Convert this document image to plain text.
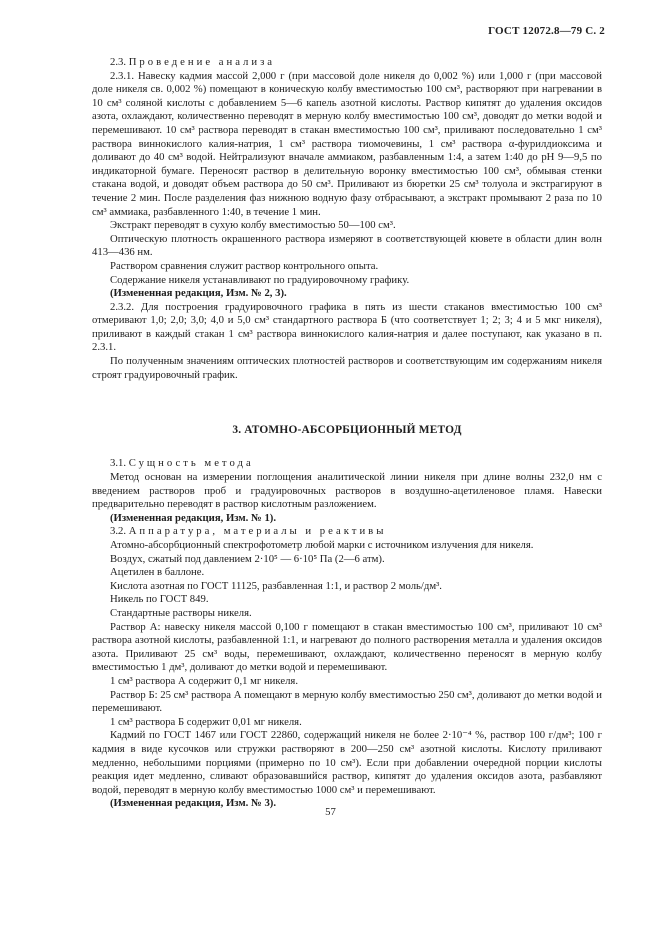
ГОСТ 12072.8—79 С. 2

2.3. Проведение анализа

2.3.1. Навеску кадмия массой 2,000 г (при массовой доле никеля до 0,002 %) или 1,000 г (при массовой доле никеля св. 0,002 %) помещают в коническую колбу вместимостью 100 см³, растворяют при нагревании в 10 см³ соляной кислоты с добавлением 5—6 капель азотной кислоты. Раствор кипятят до удаления оксидов азота, охлаждают, количественно переводят в мерную колбу вместимостью 100 см³, доводят до метки водой и перемешивают. 10 см³ раствора переводят в стакан вместимостью 100 см³, приливают последовательно 1 см³ раствора виннокислого калия-натрия, 1 см³ раствора тиомочевины, 1 см³ раствора α-фурилдиоксима и доливают до 40 см³ водой. Нейтрализуют вначале аммиаком, разбавленным 1:4, а затем 1:40 до рН 9—9,5 по индикаторной бумаге. Переносят раствор в делительную воронку вместимостью 100 см³, обмывая стенки стакана водой, и доводят объем раствора до 50 см³. Приливают из бюретки 25 см³ толуола и экстрагируют в течение 2 мин. После разделения фаз нижнюю водную фазу отбрасывают, а экстракт промывают 2 раза по 10 см³ аммиака, разбавленного 1:40, в течение 1 мин.

Экстракт переводят в сухую колбу вместимостью 50—100 см³.

Оптическую плотность окрашенного раствора измеряют в соответствующей кювете в области длин волн 413—436 нм.

Раствором сравнения служит раствор контрольного опыта.

Содержание никеля устанавливают по градуировочному графику.

(Измененная редакция, Изм. № 2, 3).

2.3.2. Для построения градуировочного графика в пять из шести стаканов вместимостью 100 см³ отмеривают 1,0; 2,0; 3,0; 4,0 и 5,0 см³ стандартного раствора Б (что соответствует 1; 2; 3; 4 и 5 мкг никеля), приливают в каждый стакан 1 см³ раствора виннокислого калия-натрия и далее поступают, как указано в п. 2.3.1.

По полученным значениям оптических плотностей растворов и соответствующим им содержаниям никеля строят градуировочный график.

3. АТОМНО-АБСОРБЦИОННЫЙ МЕТОД

3.1. Сущность метода

Метод основан на измерении поглощения аналитической линии никеля при длине волны 232,0 нм с введением растворов проб и градуировочных растворов в воздушно-ацетиленовое пламя. Навески предварительно переводят в раствор кислотным разложением.

(Измененная редакция, Изм. № 1).

3.2. Аппаратура, материалы и реактивы

Атомно-абсорбционный спектрофотометр любой марки с источником излучения для никеля.

Воздух, сжатый под давлением 2·10⁵ — 6·10⁵ Па (2—6 атм).

Ацетилен в баллоне.

Кислота азотная по ГОСТ 11125, разбавленная 1:1, и раствор 2 моль/дм³.

Никель по ГОСТ 849.

Стандартные растворы никеля.

Раствор А: навеску никеля массой 0,100 г помещают в стакан вместимостью 100 см³, приливают 10 см³ раствора азотной кислоты, разбавленной 1:1, и нагревают до полного растворения металла и удаления оксидов азота. Приливают 25 см³ воды, перемешивают, охлаждают, количественно переносят в мерную колбу вместимостью 1 дм³, доливают до метки водой и перемешивают.

1 см³ раствора А содержит 0,1 мг никеля.

Раствор Б: 25 см³ раствора А помещают в мерную колбу вместимостью 250 см³, доливают до метки водой и перемешивают.

1 см³ раствора Б содержит 0,01 мг никеля.

Кадмий по ГОСТ 1467 или ГОСТ 22860, содержащий никеля не более 2·10⁻⁴ %, раствор 100 г/дм³; 100 г кадмия в виде кусочков или стружки растворяют в 200—250 см³ азотной кислоты. Кислоту приливают медленно, небольшими порциями (примерно по 10 см³). Если при добавлении очередной порции кислоты реакция идет медленно, сливают образовавшийся раствор, кипятят до удаления оксидов азота, разбавляют водой, переводят в мерную колбу вместимостью 1000 см³ и перемешивают.

(Измененная редакция, Изм. № 3).

57
